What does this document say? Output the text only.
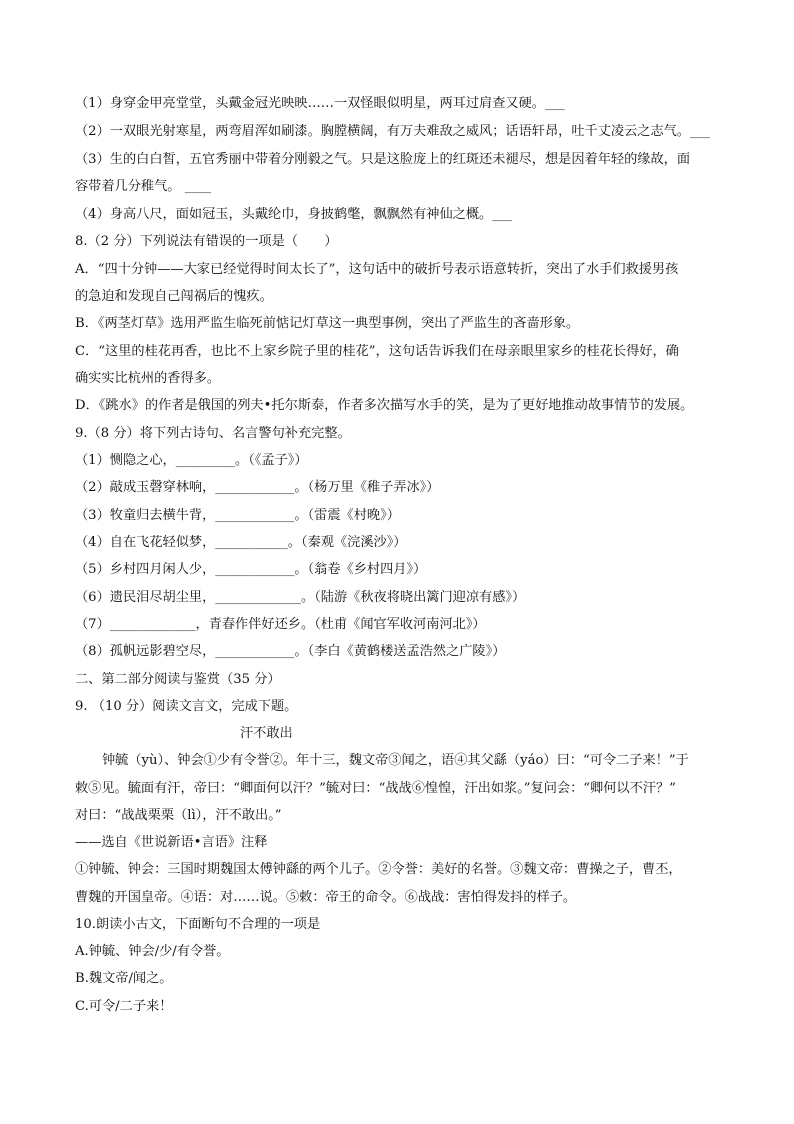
（1）身穿金甲亮堂堂，头戴金冠光映映……一双怪眼似明星，两耳过肩查又硬。___
（2）一双眼光射寒星，两弯眉浑如刷漆。胸膛横阔，有万夫难敌之威风；话语轩昂，吐千丈凌云之志气。___
（3）生的白白皙，五官秀丽中带着分刚毅之气。只是这脸庞上的红斑还未褪尽，想是因着年轻的缘故，面
容带着几分稚气。 ____
（4）身高八尺，面如冠玉，头戴纶巾，身披鹤氅，飘飘然有神仙之概。___
8.（2 分）下列说法有错误的一项是（　　）
A．“四十分钟——大家已经觉得时间太长了”，这句话中的破折号表示语意转折，突出了水手们救援男孩
的急迫和发现自己闯祸后的愧疚。
B．《两茎灯草》选用严监生临死前惦记灯草这一典型事例，突出了严监生的吝啬形象。
C．“这里的桂花再香，也比不上家乡院子里的桂花”，这句话告诉我们在母亲眼里家乡的桂花长得好，确
确实实比杭州的香得多。
D．《跳水》的作者是俄国的列夫•托尔斯泰，作者多次描写水手的笑，是为了更好地推动故事情节的发展。
9.（8 分）将下列古诗句、名言警句补充完整。
（1）恻隐之心，_________。（《孟子》）
（2）敲成玉磬穿林响，____________。（杨万里《稚子弄冰》）
（3）牧童归去横牛背，____________。（雷震《村晚》）
（4）自在飞花轻似梦，___________。（秦观《浣溪沙》）
（5）乡村四月闲人少，____________。（翁卷《乡村四月》）
（6）遗民泪尽胡尘里，_____________。（陆游《秋夜将晓出篱门迎凉有感》）
（7）_____________，青春作伴好还乡。（杜甫《闻官军收河南河北》）
（8）孤帆远影碧空尽，____________。（李白《黄鹤楼送孟浩然之广陵》）
二、第二部分阅读与鉴赏（35 分）
9. （10 分）阅读文言文，完成下题。
汗不敢出
钟毓（yù）、钟会①少有令誉②。年十三，魏文帝③闻之，语④其父繇（yáo）曰：“可令二子来！”于
敕⑤见。毓面有汗，帝曰：“卿面何以汗？”毓对曰：“战战⑥惶惶，汗出如浆。”复问会：“卿何以不汗？”
对曰：“战战栗栗（lì），汗不敢出。”
——选自《世说新语•言语》注释
①钟毓、钟会：三国时期魏国太傅钟繇的两个儿子。②令誉：美好的名誉。③魏文帝：曹操之子，曹丕，
曹魏的开国皇帝。④语：对……说。⑤敕：帝王的命令。⑥战战：害怕得发抖的样子。
10.朗读小古文，下面断句不合理的一项是
A.钟毓、钟会/少/有令誉。
B.魏文帝/闻之。
C.可令/二子来！
